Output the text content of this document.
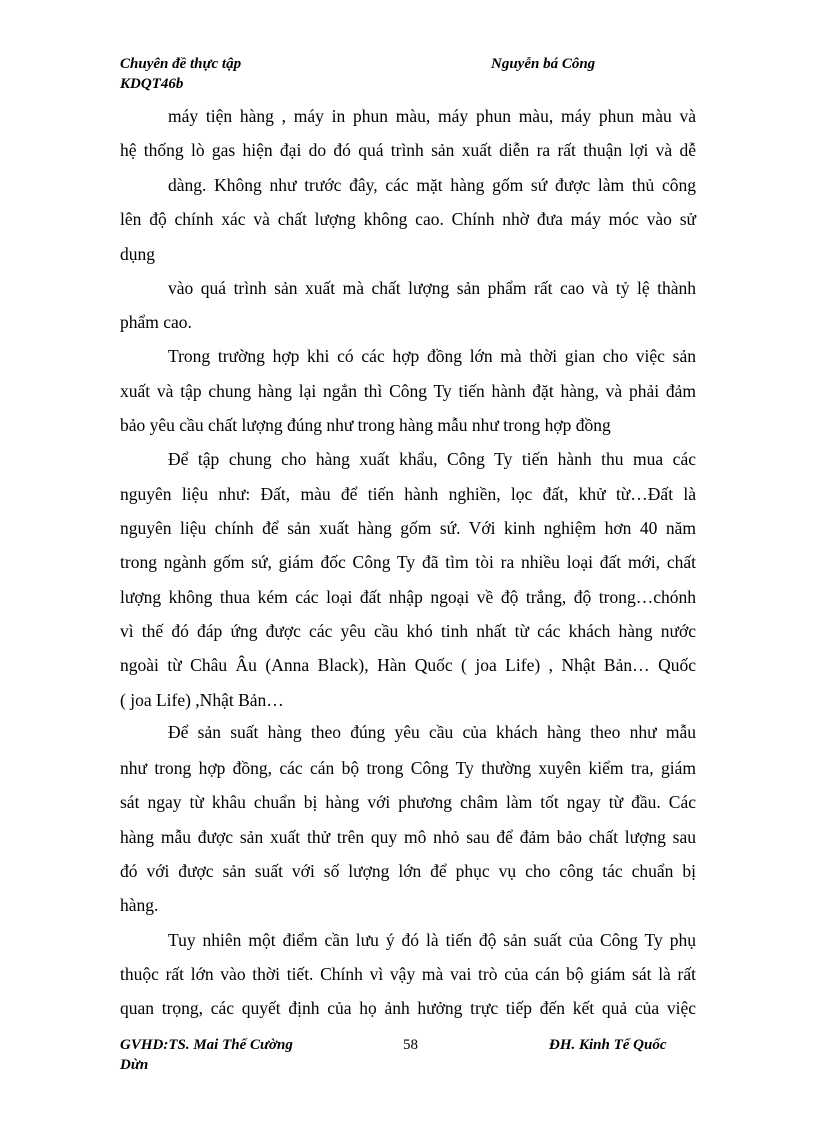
Chuyên đề thực tập
KDQT46b
Nguyễn bá Công
máy tiện hàng , máy in phun màu, máy phun màu, máy phun màu và
hệ thống lò gas hiện đại do đó quá trình sản xuất diễn ra rất thuận lợi và dễ
dàng. Không như trước đây, các mặt hàng gốm sứ được làm thủ công
lên độ chính xác và chất lượng không cao. Chính nhờ đưa máy móc vào sử
dụng
vào quá trình sản xuất mà chất lượng sản phẩm rất cao và tỷ lệ thành
phẩm cao.
Trong trường hợp khi có các hợp đồng lớn mà thời gian cho việc sản
xuất và tập chung hàng lại ngắn thì Công Ty tiến hành đặt hàng, và phải đảm
bảo yêu cầu chất lượng đúng như trong hàng mẫu như trong hợp đồng
Để tập chung cho hàng xuất khẩu, Công Ty tiến hành thu mua các
nguyên liệu như: Đất, màu để tiến hành nghiền, lọc đất, khử từ…Đất là
nguyên liệu chính để sản xuất hàng gốm sứ. Với kinh nghiệm hơn 40 năm
trong ngành gốm sứ, giám đốc Công Ty đã tìm tòi ra nhiều loại đất mới, chất
lượng không thua kém các loại đất nhập ngoại về độ trắng, độ trong…chónh
vì thế đó đáp ứng được các yêu cầu khó tinh nhất từ các khách hàng nước
ngoài từ Châu Âu (Anna Black), Hàn Quốc ( joa Life) , Nhật Bản… Quốc
( joa Life) ,Nhật Bản…
Để sản suất hàng theo đúng yêu cầu của khách hàng theo như mẫu
như trong hợp đồng, các cán bộ trong Công Ty thường xuyên kiểm tra, giám
sát ngay từ khâu chuẩn bị hàng với phương châm làm tốt ngay từ đầu. Các
hàng mẫu được sản xuất thử trên quy mô nhỏ sau để đảm bảo chất lượng sau
đó với được sản suất với số lượng lớn để phục vụ cho công tác chuẩn bị
hàng.
Tuy nhiên một điểm cần lưu ý đó là tiến độ sản suất của Công Ty phụ
thuộc rất lớn vào thời tiết. Chính vì vậy mà vai trò của cán bộ giám sát là rất
quan trọng, các quyết định của họ ảnh hưởng trực tiếp đến kết quả của việc
GVHD:TS. Mai Thế Cường
Dừn
58	ĐH. Kinh Tế Quốc
